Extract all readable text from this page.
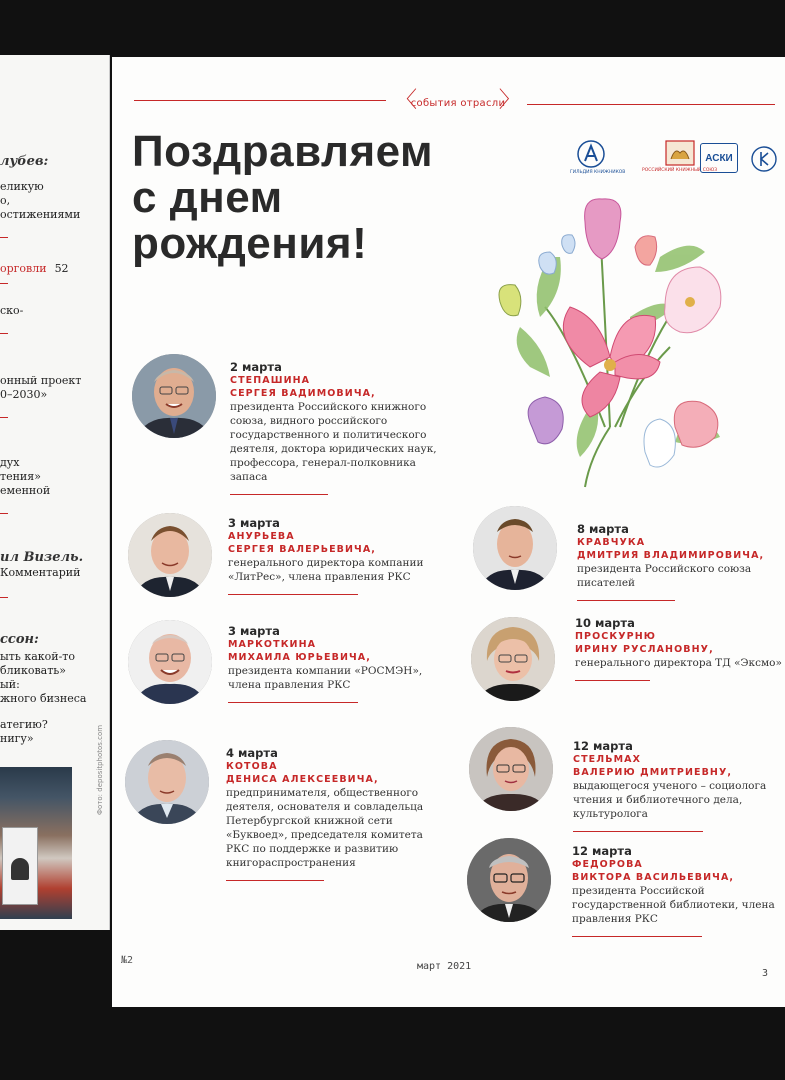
лубев:
еликую
о,
остижениями
орговли 52
ско-
онный проект
0–2030»
дух
тения»
еменной
ил Визель.
Комментарий
ссон:
ыть какой-то
бликовать»
ый:
жного бизнеса
атегию?
нигу»	Фото: depositphotos.com
〈
события отрасли
〉
Поздравляем
с днем
рождения!
ГИЛЬДИЯ КНИЖНИКОВ	РОССИЙСКИЙ КНИЖНЫЙ СОЮЗ
АСКИ
2 марта
СТЕПАШИНА
СЕРГЕЯ ВАДИМОВИЧА,
президента Российского книжного союза, видного российского государственного и политического деятеля, доктора юридических наук, профессора, генерал-полковника запаса
3 марта
АНУРЬЕВА
СЕРГЕЯ ВАЛЕРЬЕВИЧА,
генерального директора компании «ЛитРес», члена правления РКС
3 марта
МАРКОТКИНА
МИХАИЛА ЮРЬЕВИЧА,
президента компании «РОСМЭН», члена правления РКС
4 марта
КОТОВА
ДЕНИСА АЛЕКСЕЕВИЧА,
предпринимателя, общественного деятеля, основателя и совладельца Петербургской книжной сети «Буквоед», председателя комитета РКС по поддержке и развитию книгораспространения
8 марта
КРАВЧУКА
ДМИТРИЯ ВЛАДИМИРОВИЧА,
президента Российского союза писателей
10 марта
ПРОСКУРНЮ
ИРИНУ РУСЛАНОВНУ,
генерального директора ТД «Эксмо»
12 марта
СТЕЛЬМАХ
ВАЛЕРИЮ ДМИТРИЕВНУ,
выдающегося ученого – социолога чтения и библиотечного дела, культуролога
12 марта
ФЕДОРОВА
ВИКТОРА ВАСИЛЬЕВИЧА,
президента Российской государственной библиотеки, члена правления РКС
№2
март 2021
3
